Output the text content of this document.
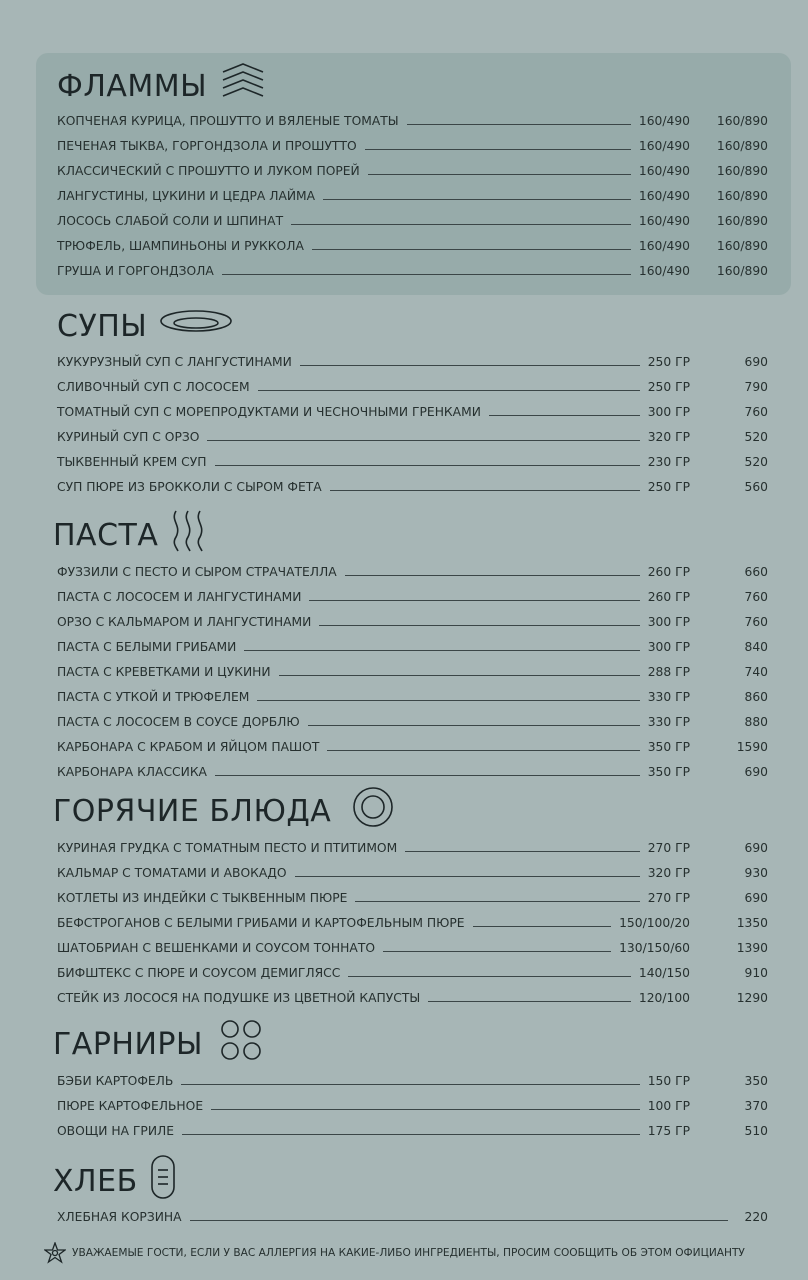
ФЛАММЫ
КОПЧЕНАЯ КУРИЦА, ПРОШУТТО И ВЯЛЕНЫЕ ТОМАТЫ	160/490	160/890
ПЕЧЕНАЯ ТЫКВА, ГОРГОНДЗОЛА И ПРОШУТТО	160/490	160/890
КЛАССИЧЕСКИЙ С ПРОШУТТО И ЛУКОМ ПОРЕЙ	160/490	160/890
ЛАНГУСТИНЫ, ЦУКИНИ И ЦЕДРА ЛАЙМА	160/490	160/890
ЛОСОСЬ СЛАБОЙ СОЛИ И ШПИНАТ	160/490	160/890
ТРЮФЕЛЬ, ШАМПИНЬОНЫ И РУККОЛА	160/490	160/890
ГРУША И ГОРГОНДЗОЛА	160/490	160/890
СУПЫ
КУКУРУЗНЫЙ СУП С ЛАНГУСТИНАМИ	250 ГР	690
СЛИВОЧНЫЙ СУП С ЛОСОСЕМ	250 ГР	790
ТОМАТНЫЙ СУП С МОРЕПРОДУКТАМИ И ЧЕСНОЧНЫМИ ГРЕНКАМИ	300 ГР	760
КУРИНЫЙ СУП С ОРЗО	320 ГР	520
ТЫКВЕННЫЙ КРЕМ СУП	230 ГР	520
СУП ПЮРЕ ИЗ БРОККОЛИ С СЫРОМ ФЕТА	250 ГР	560
ПАСТА
ФУЗЗИЛИ С ПЕСТО И СЫРОМ СТРАЧАТЕЛЛА	260 ГР	660
ПАСТА С ЛОСОСЕМ И ЛАНГУСТИНАМИ	260 ГР	760
ОРЗО С КАЛЬМАРОМ И ЛАНГУСТИНАМИ	300 ГР	760
ПАСТА С БЕЛЫМИ ГРИБАМИ	300 ГР	840
ПАСТА С КРЕВЕТКАМИ И ЦУКИНИ	288 ГР	740
ПАСТА С УТКОЙ И ТРЮФЕЛЕМ	330 ГР	860
ПАСТА С ЛОСОСЕМ В СОУСЕ ДОРБЛЮ	330 ГР	880
КАРБОНАРА С КРАБОМ И ЯЙЦОМ ПАШОТ	350 ГР	1590
КАРБОНАРА КЛАССИКА	350 ГР	690
ГОРЯЧИЕ БЛЮДА
КУРИНАЯ ГРУДКА С ТОМАТНЫМ ПЕСТО И ПТИТИМОМ	270 ГР	690
КАЛЬМАР С ТОМАТАМИ И АВОКАДО	320 ГР	930
КОТЛЕТЫ ИЗ ИНДЕЙКИ С ТЫКВЕННЫМ ПЮРЕ	270 ГР	690
БЕФСТРОГАНОВ С БЕЛЫМИ ГРИБАМИ И КАРТОФЕЛЬНЫМ ПЮРЕ	150/100/20	1350
ШАТОБРИАН С ВЕШЕНКАМИ И СОУСОМ ТОННАТО	130/150/60	1390
БИФШТЕКС С ПЮРЕ И СОУСОМ ДЕМИГЛЯСС	140/150	910
СТЕЙК ИЗ ЛОСОСЯ НА ПОДУШКЕ ИЗ ЦВЕТНОЙ КАПУСТЫ	120/100	1290
ГАРНИРЫ
БЭБИ КАРТОФЕЛЬ	150 ГР	350
ПЮРЕ КАРТОФЕЛЬНОЕ	100 ГР	370
ОВОЩИ НА ГРИЛЕ	175 ГР	510
ХЛЕБ
ХЛЕБНАЯ КОРЗИНА	220
УВАЖАЕМЫЕ ГОСТИ, ЕСЛИ У ВАС АЛЛЕРГИЯ НА КАКИЕ-ЛИБО ИНГРЕДИЕНТЫ, ПРОСИМ СООБЩИТЬ ОБ ЭТОМ ОФИЦИАНТУ
